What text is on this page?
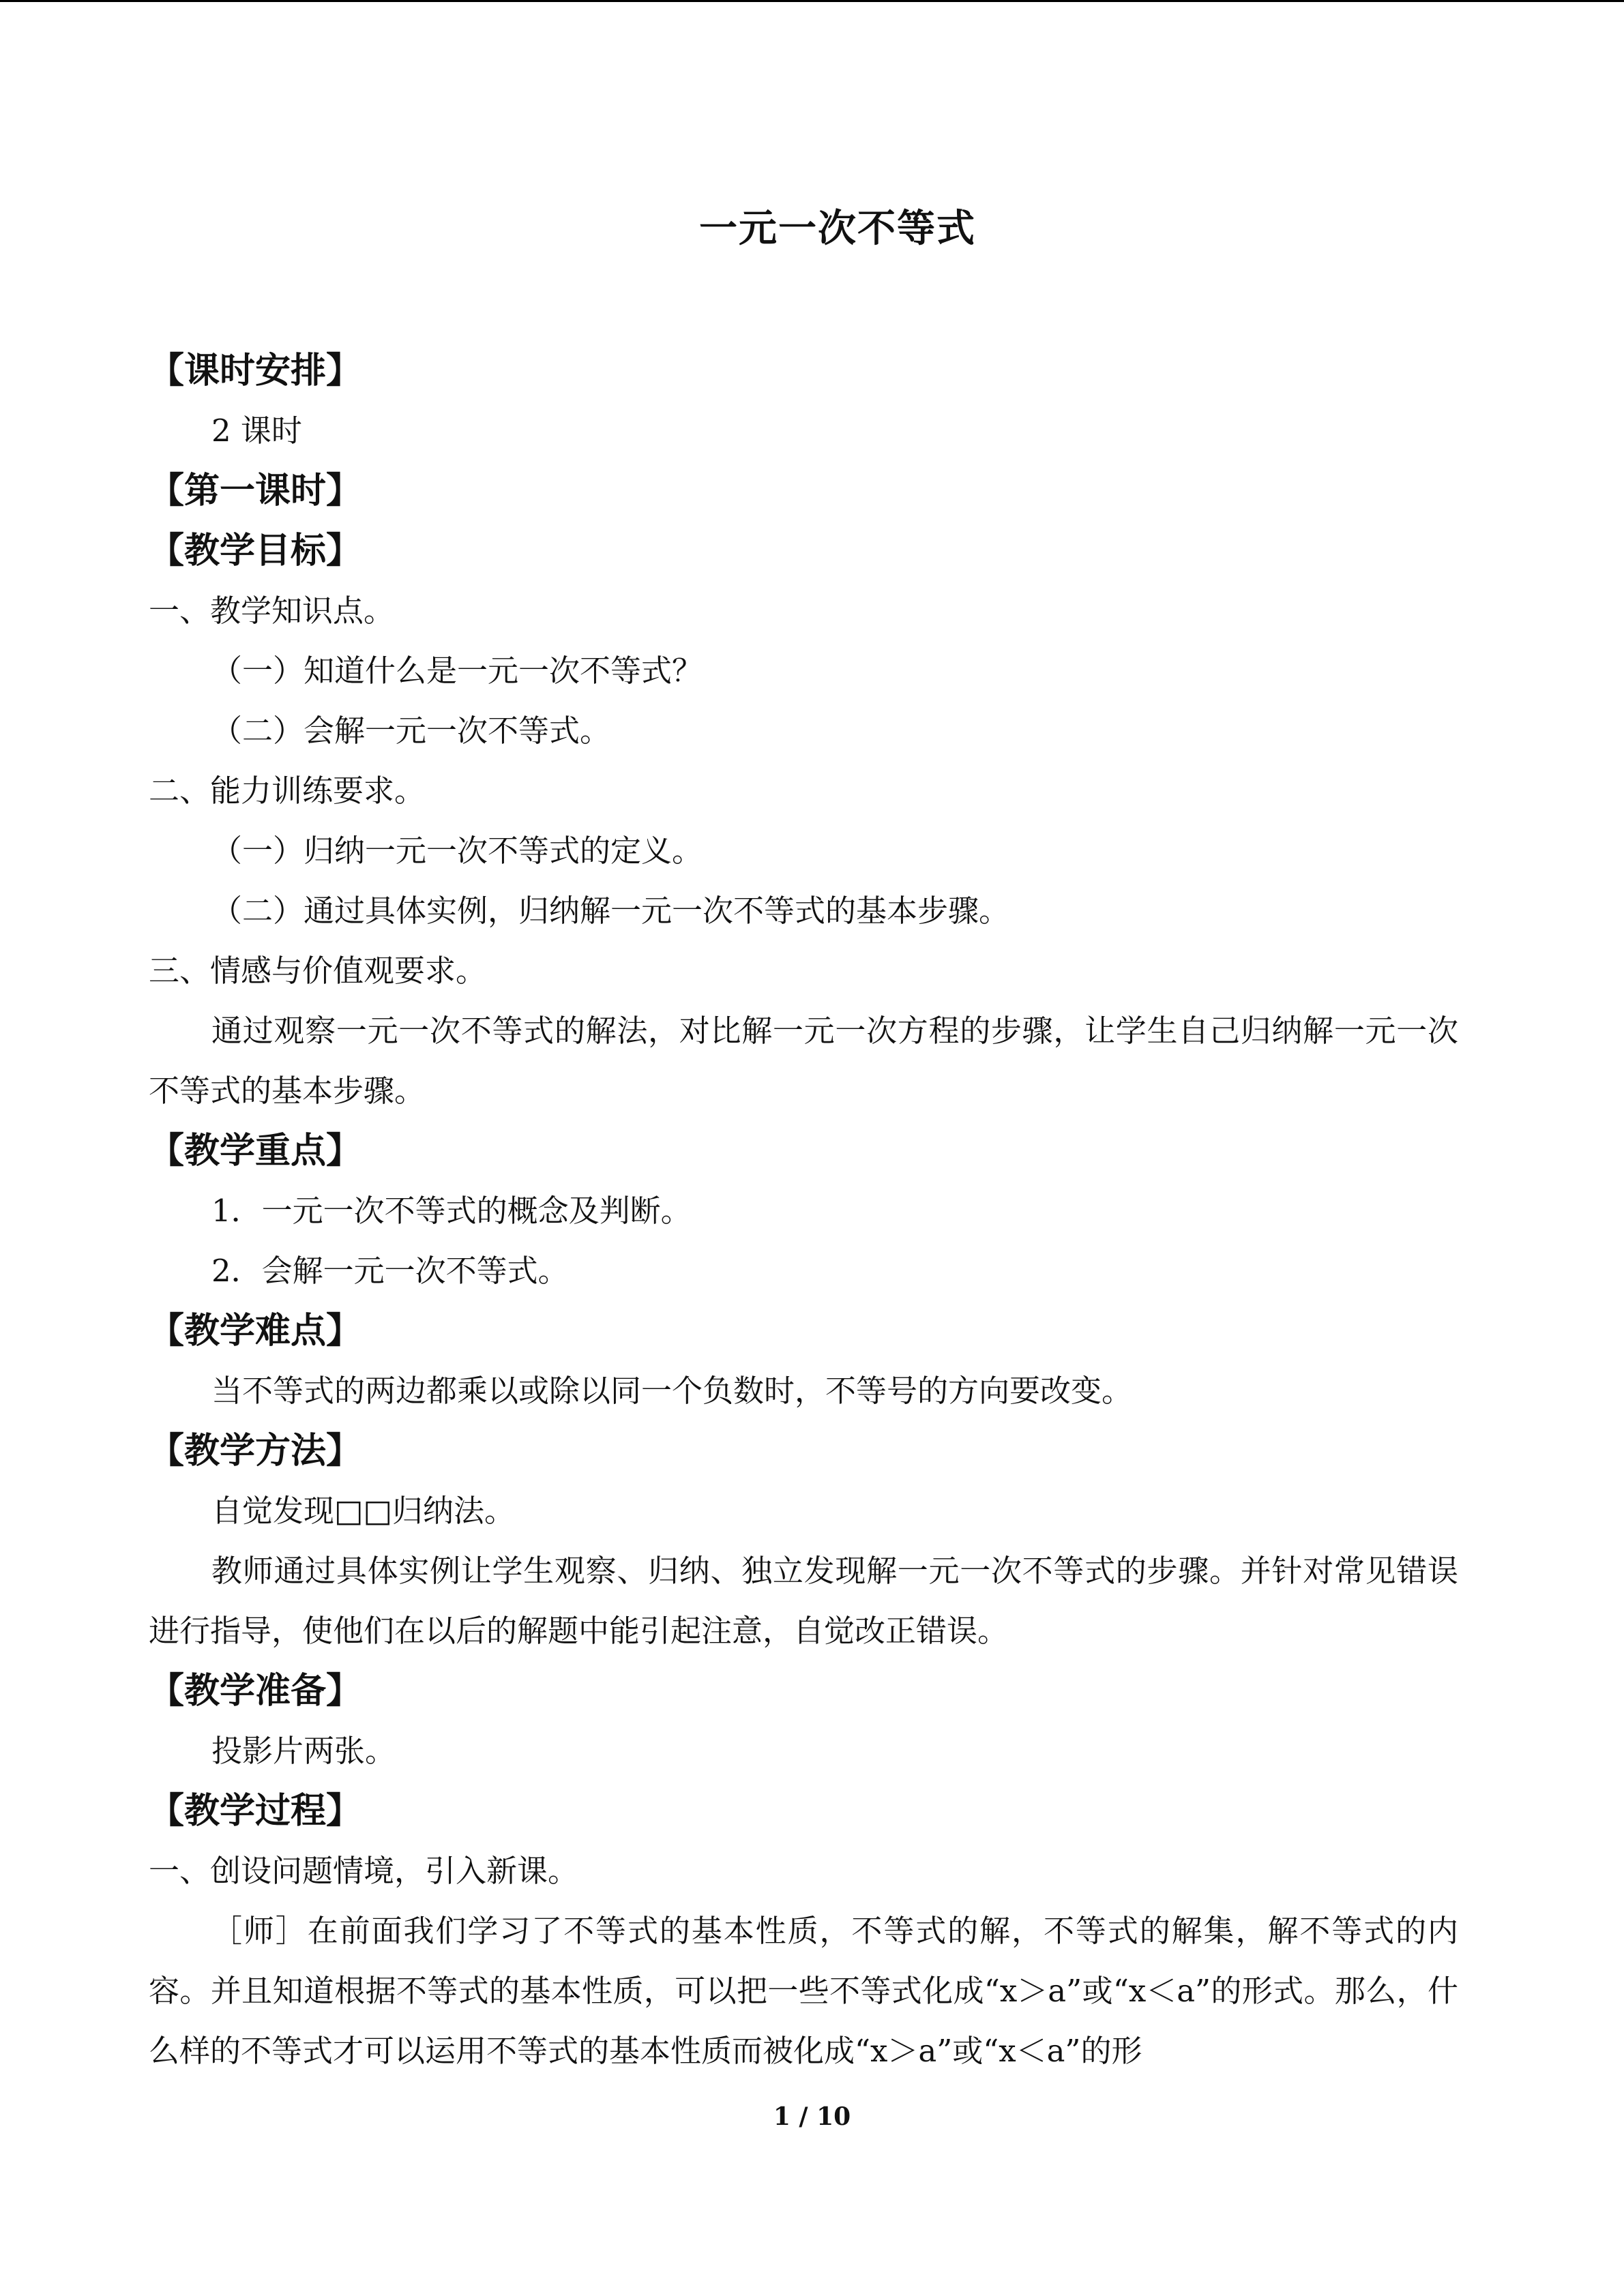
一元一次不等式

【课时安排】

2 课时

【第一课时】

【教学目标】

一、教学知识点。

（一）知道什么是一元一次不等式？

（二）会解一元一次不等式。

二、能力训练要求。

（一）归纳一元一次不等式的定义。

（二）通过具体实例，归纳解一元一次不等式的基本步骤。

三、情感与价值观要求。

通过观察一元一次不等式的解法，对比解一元一次方程的步骤，让学生自己归纳解一元一次不等式的基本步骤。

【教学重点】

1．一元一次不等式的概念及判断。

2．会解一元一次不等式。

【教学难点】

当不等式的两边都乘以或除以同一个负数时，不等号的方向要改变。

【教学方法】

自觉发现□□归纳法。

教师通过具体实例让学生观察、归纳、独立发现解一元一次不等式的步骤。并针对常见错误进行指导，使他们在以后的解题中能引起注意，自觉改正错误。

【教学准备】

投影片两张。

【教学过程】

一、创设问题情境，引入新课。

［师］在前面我们学习了不等式的基本性质，不等式的解，不等式的解集，解不等式的内容。并且知道根据不等式的基本性质，可以把一些不等式化成“x＞a”或“x＜a”的形式。那么，什么样的不等式才可以运用不等式的基本性质而被化成“x＞a”或“x＜a”的形

1 / 10
